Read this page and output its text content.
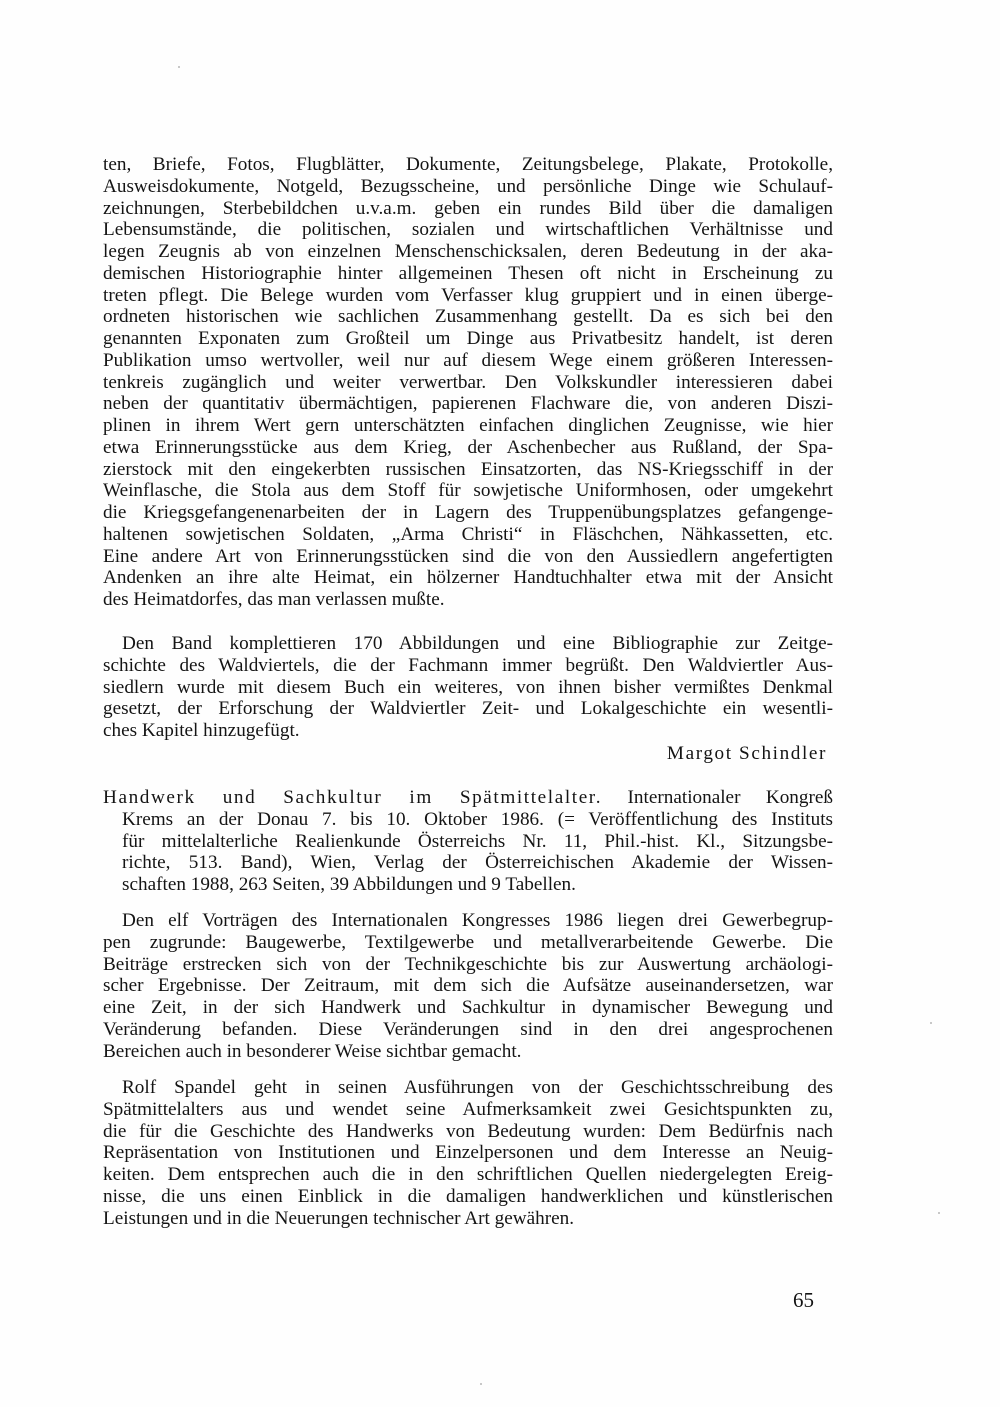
ten, Briefe, Fotos, Flugblätter, Dokumente, Zeitungsbelege, Plakate, Protokolle,
Ausweisdokumente, Notgeld, Bezugsscheine, und persönliche Dinge wie Schulauf-
zeichnungen, Sterbebildchen u.v.a.m. geben ein rundes Bild über die damaligen
Lebensumstände, die politischen, sozialen und wirtschaftlichen Verhältnisse und
legen Zeugnis ab von einzelnen Menschenschicksalen, deren Bedeutung in der aka-
demischen Historiographie hinter allgemeinen Thesen oft nicht in Erscheinung zu
treten pflegt. Die Belege wurden vom Verfasser klug gruppiert und in einen überge-
ordneten historischen wie sachlichen Zusammenhang gestellt. Da es sich bei den
genannten Exponaten zum Großteil um Dinge aus Privatbesitz handelt, ist deren
Publikation umso wertvoller, weil nur auf diesem Wege einem größeren Interessen-
tenkreis zugänglich und weiter verwertbar. Den Volkskundler interessieren dabei
neben der quantitativ übermächtigen, papierenen Flachware die, von anderen Diszi-
plinen in ihrem Wert gern unterschätzten einfachen dinglichen Zeugnisse, wie hier
etwa Erinnerungsstücke aus dem Krieg, der Aschenbecher aus Rußland, der Spa-
zierstock mit den eingekerbten russischen Einsatzorten, das NS-Kriegsschiff in der
Weinflasche, die Stola aus dem Stoff für sowjetische Uniformhosen, oder umgekehrt
die Kriegsgefangenenarbeiten der in Lagern des Truppenübungsplatzes gefangenge-
haltenen sowjetischen Soldaten, „Arma Christi“ in Fläschchen, Nähkassetten, etc.
Eine andere Art von Erinnerungsstücken sind die von den Aussiedlern angefertigten
Andenken an ihre alte Heimat, ein hölzerner Handtuchhalter etwa mit der Ansicht
des Heimatdorfes, das man verlassen mußte.
Den Band komplettieren 170 Abbildungen und eine Bibliographie zur Zeitge-
schichte des Waldviertels, die der Fachmann immer begrüßt. Den Waldviertler Aus-
siedlern wurde mit diesem Buch ein weiteres, von ihnen bisher vermißtes Denkmal
gesetzt, der Erforschung der Waldviertler Zeit- und Lokalgeschichte ein wesentli-
ches Kapitel hinzugefügt.
Margot Schindler
Handwerk und Sachkultur im Spätmittelalter. Internationaler Kongreß
Krems an der Donau 7. bis 10. Oktober 1986. (= Veröffentlichung des Instituts
für mittelalterliche Realienkunde Österreichs Nr. 11, Phil.-hist. Kl., Sitzungsbe-
richte, 513. Band), Wien, Verlag der Österreichischen Akademie der Wissen-
schaften 1988, 263 Seiten, 39 Abbildungen und 9 Tabellen.
Den elf Vorträgen des Internationalen Kongresses 1986 liegen drei Gewerbegrup-
pen zugrunde: Baugewerbe, Textilgewerbe und metallverarbeitende Gewerbe. Die
Beiträge erstrecken sich von der Technikgeschichte bis zur Auswertung archäologi-
scher Ergebnisse. Der Zeitraum, mit dem sich die Aufsätze auseinandersetzen, war
eine Zeit, in der sich Handwerk und Sachkultur in dynamischer Bewegung und
Veränderung befanden. Diese Veränderungen sind in den drei angesprochenen
Bereichen auch in besonderer Weise sichtbar gemacht.
Rolf Spandel geht in seinen Ausführungen von der Geschichtsschreibung des
Spätmittelalters aus und wendet seine Aufmerksamkeit zwei Gesichtspunkten zu,
die für die Geschichte des Handwerks von Bedeutung wurden: Dem Bedürfnis nach
Repräsentation von Institutionen und Einzelpersonen und dem Interesse an Neuig-
keiten. Dem entsprechen auch die in den schriftlichen Quellen niedergelegten Ereig-
nisse, die uns einen Einblick in die damaligen handwerklichen und künstlerischen
Leistungen und in die Neuerungen technischer Art gewähren.
65
